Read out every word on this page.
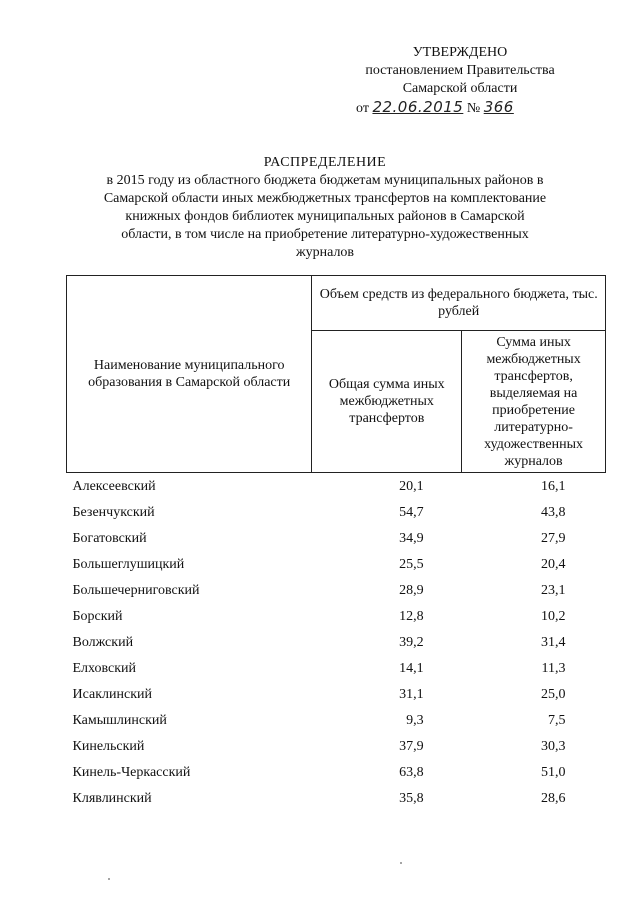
УТВЕРЖДЕНО
постановлением Правительства
Самарской области
от 22.06.2015 № 366
РАСПРЕДЕЛЕНИЕ
в 2015 году из областного бюджета бюджетам муниципальных районов в
Самарской области иных межбюджетных трансфертов на комплектование
книжных фондов библиотек муниципальных районов в Самарской
области, в том числе на приобретение литературно-художественных
журналов
Наименование муниципального образования в Самарской области	Объем средств из федерального бюджета, тыс. рублей	
	Общая сумма иных межбюджетных трансфертов	Сумма иных межбюджетных трансфертов, выделяемая на приобретение литературно-художественных журналов
Алексеевский	20,1	16,1
Безенчукский	54,7	43,8
Богатовский	34,9	27,9
Большеглушицкий	25,5	20,4
Большечерниговский	28,9	23,1
Борский	12,8	10,2
Волжский	39,2	31,4
Елховский	14,1	11,3
Исаклинский	31,1	25,0
Камышлинский	9,3	7,5
Кинельский	37,9	30,3
Кинель-Черкасский	63,8	51,0
Клявлинский	35,8	28,6
